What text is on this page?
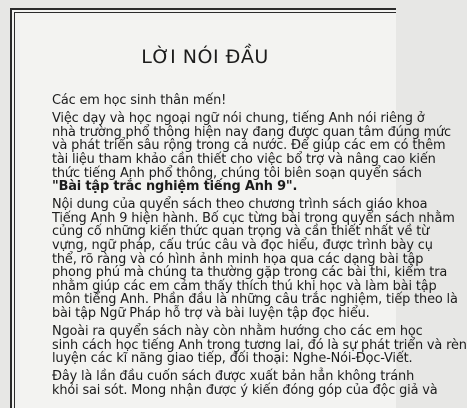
LỜI NÓI ĐẦU
Các em học sinh thân mến!
Việc dạy và học ngoại ngữ nói chung, tiếng Anh nói riêng ở
nhà trường phổ thông hiện nay đang được quan tâm đúng mức
và phát triển sâu rộng trong cả nước. Để giúp các em có thêm
tài liệu tham khảo cần thiết cho việc bổ trợ và nâng cao kiến
thức tiếng Anh phổ thông, chúng tôi biên soạn quyển sách
"Bài tập trắc nghiệm tiếng Anh 9".
Nội dung của quyển sách theo chương trình sách giáo khoa
Tiếng Anh 9 hiện hành. Bố cục từng bài trong quyển sách nhằm
củng cố những kiến thức quan trọng và cần thiết nhất về từ
vựng, ngữ pháp, cấu trúc câu và đọc hiểu, được trình bày cụ
thể, rõ ràng và có hình ảnh minh họa qua các dạng bài tập
phong phú mà chúng ta thường gặp trong các bài thi, kiểm tra
nhằm giúp các em cảm thấy thích thú khi học và làm bài tập
môn tiếng Anh. Phần đầu là những câu trắc nghiệm, tiếp theo là
bài tập Ngữ Pháp hỗ trợ và bài luyện tập đọc hiểu.
Ngoài ra quyển sách này còn nhằm hướng cho các em học
sinh cách học tiếng Anh trong tương lai, đó là sự phát triển và rèn
luyện các kĩ năng giao tiếp, đối thoại: Nghe-Nói-Đọc-Viết.
Đây là lần đầu cuốn sách được xuất bản hẳn không tránh
khỏi sai sót. Mong nhận được ý kiến đóng góp của độc giả và
